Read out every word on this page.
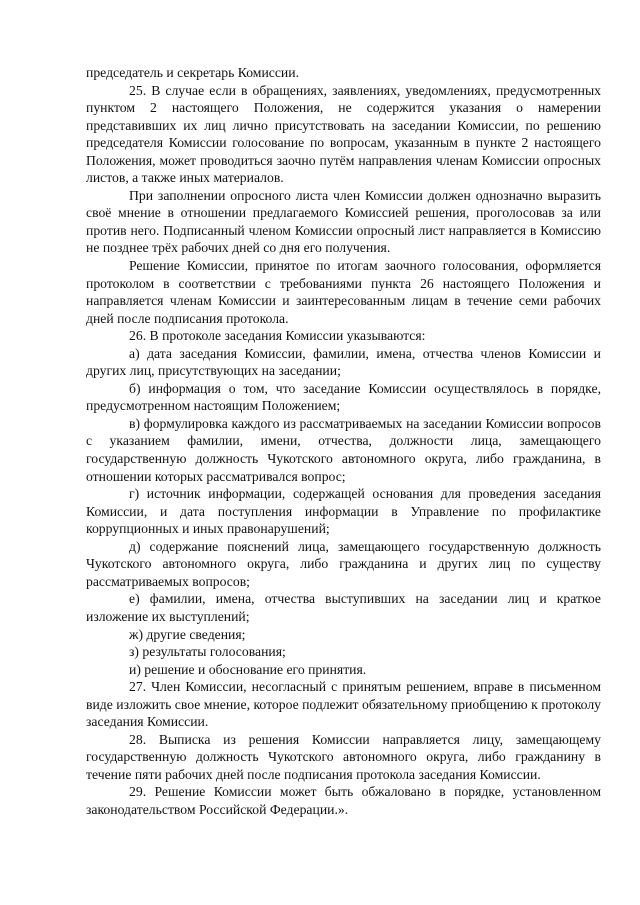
председатель и секретарь Комиссии.

25. В случае если в обращениях, заявлениях, уведомлениях, предусмотренных пунктом 2 настоящего Положения, не содержится указания о намерении представивших их лиц лично присутствовать на заседании Комиссии, по решению председателя Комиссии голосование по вопросам, указанным в пункте 2 настоящего Положения, может проводиться заочно путём направления членам Комиссии опросных листов, а также иных материалов.

При заполнении опросного листа член Комиссии должен однозначно выразить своё мнение в отношении предлагаемого Комиссией решения, проголосовав за или против него. Подписанный членом Комиссии опросный лист направляется в Комиссию не позднее трёх рабочих дней со дня его получения.

Решение Комиссии, принятое по итогам заочного голосования, оформляется протоколом в соответствии с требованиями пункта 26 настоящего Положения и направляется членам Комиссии и заинтересованным лицам в течение семи рабочих дней после подписания протокола.

26. В протоколе заседания Комиссии указываются:

а) дата заседания Комиссии, фамилии, имена, отчества членов Комиссии и других лиц, присутствующих на заседании;

б) информация о том, что заседание Комиссии осуществлялось в порядке, предусмотренном настоящим Положением;

в) формулировка каждого из рассматриваемых на заседании Комиссии вопросов с указанием фамилии, имени, отчества, должности лица, замещающего государственную должность Чукотского автономного округа, либо гражданина, в отношении которых рассматривался вопрос;

г) источник информации, содержащей основания для проведения заседания Комиссии, и дата поступления информации в Управление по профилактике коррупционных и иных правонарушений;

д) содержание пояснений лица, замещающего государственную должность Чукотского автономного округа, либо гражданина и других лиц по существу рассматриваемых вопросов;

е) фамилии, имена, отчества выступивших на заседании лиц и краткое изложение их выступлений;

ж) другие сведения;

з) результаты голосования;

и) решение и обоснование его принятия.

27. Член Комиссии, несогласный с принятым решением, вправе в письменном виде изложить свое мнение, которое подлежит обязательному приобщению к протоколу заседания Комиссии.

28. Выписка из решения Комиссии направляется лицу, замещающему государственную должность Чукотского автономного округа, либо гражданину в течение пяти рабочих дней после подписания протокола заседания Комиссии.

29. Решение Комиссии может быть обжаловано в порядке, установленном законодательством Российской Федерации.».
